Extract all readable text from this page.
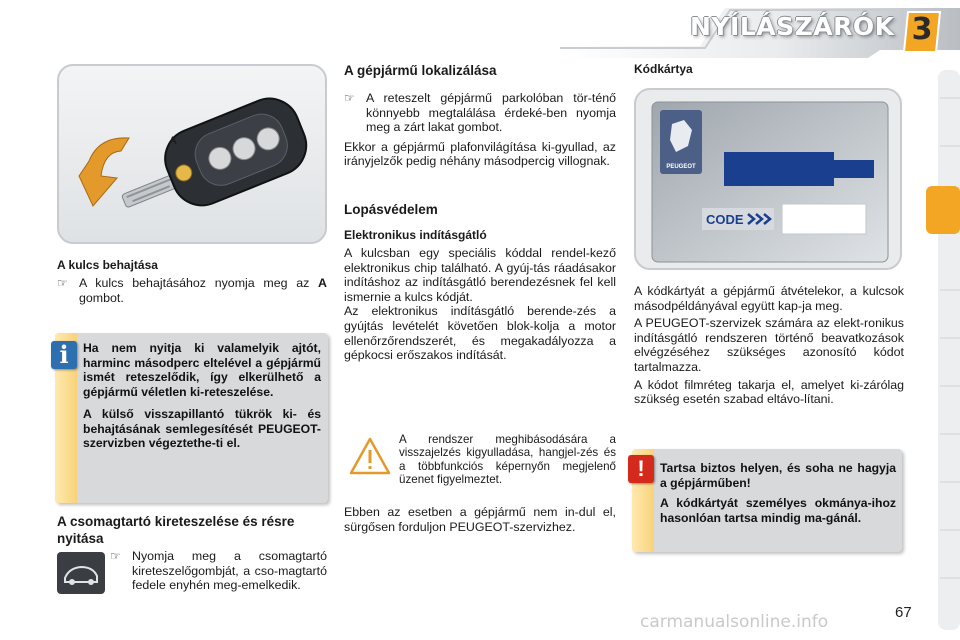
NYÍLÁSZÁRÓK 3
A
A kulcs behajtása
☞ A kulcs behajtásához nyomja meg az A gombot.
i	Ha nem nyitja ki valamelyik ajtót, harminc másodperc eltelével a gépjármű ismét reteszelődik, így elkerülhető a gépjármű véletlen ki-reteszelése.

A külső visszapillantó tükrök ki- és behajtásának semlegesítését PEUGEOT-szervizben végeztethe-ti el.

A csomagtartó kireteszelése és résre nyitása
☞ Nyomja meg a csomagtartó kireteszelőgombját, a cso-magtartó fedele enyhén meg-emelkedik.
A gépjármű lokalizálása
☞ A reteszelt gépjármű parkolóban tör-ténő könnyebb megtalálása érdeké-ben nyomja meg a zárt lakat gombot.

Ekkor a gépjármű plafonvilágítása ki-gyullad, az irányjelzők pedig néhány másodpercig villognak.

Lopásvédelem
Elektronikus indításgátló

A kulcsban egy speciális kóddal rendel-kező elektronikus chip található. A gyúj-tás ráadásakor indításhoz az indításgátló berendezésnek fel kell ismernie a kulcs kódját.

Az elektronikus indításgátló berende-zés a gyújtás levételét követően blok-kolja a motor ellenőrzőrendszerét, és megakadályozza a gépkocsi erőszakos indítását.

A rendszer meghibásodására a visszajelzés kigyulladása, hangjel-zés és a többfunkciós képernyőn megjelenő üzenet figyelmeztet.

Ebben az esetben a gépjármű nem in-dul el, sürgősen forduljon PEUGEOT-szervizhez.

Kódkártya
PEUGEOT
CODE

A kódkártyát a gépjármű átvételekor, a kulcsok másodpéldányával együtt kap-ja meg.

A PEUGEOT-szervizek számára az elekt-ronikus indításgátló rendszeren történő beavatkozások elvégzéséhez szükséges azonosító kódot tartalmazza.

A kódot filmréteg takarja el, amelyet ki-zárólag szükség esetén szabad eltávo-lítani.

!	Tartsa biztos helyen, és soha ne hagyja a gépjárműben!

A kódkártyát személyes okmánya-ihoz hasonlóan tartsa mindig ma-gánál.

67
carmanualsonline.info
